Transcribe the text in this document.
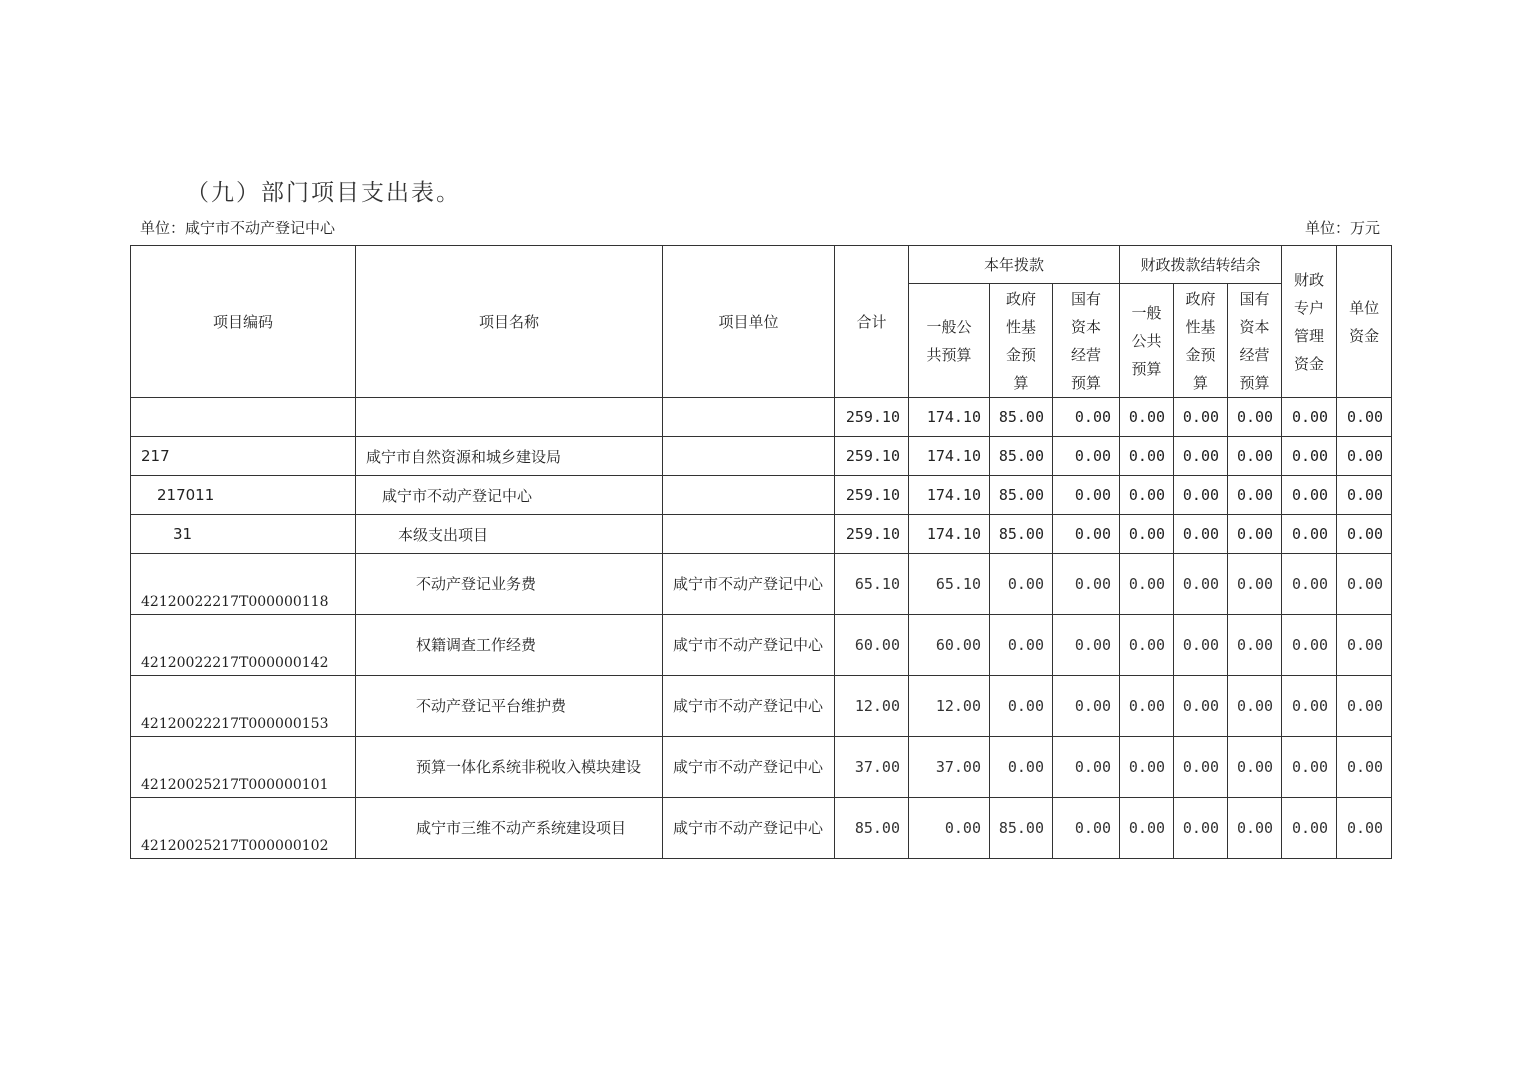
（九）部门项目支出表。
单位：咸宁市不动产登记中心	单位：万元
项目编码	项目名称	项目单位	合计	本年拨款			财政拨款结转结余			财政专户管理资金	单位资金
				一般公共预算	政府性基金预算	国有资本经营预算	一般公共预算	政府性基金预算	国有资本经营预算		
			259.10	174.10	85.00	0.00	0.00	0.00	0.00	0.00	0.00
217	咸宁市自然资源和城乡建设局		259.10	174.10	85.00	0.00	0.00	0.00	0.00	0.00	0.00
217011	咸宁市不动产登记中心		259.10	174.10	85.00	0.00	0.00	0.00	0.00	0.00	0.00
31	本级支出项目		259.10	174.10	85.00	0.00	0.00	0.00	0.00	0.00	0.00
42120022217T000000118	不动产登记业务费	咸宁市不动产登记中心	65.10	65.10	0.00	0.00	0.00	0.00	0.00	0.00	0.00
42120022217T000000142	权籍调查工作经费	咸宁市不动产登记中心	60.00	60.00	0.00	0.00	0.00	0.00	0.00	0.00	0.00
42120022217T000000153	不动产登记平台维护费	咸宁市不动产登记中心	12.00	12.00	0.00	0.00	0.00	0.00	0.00	0.00	0.00
42120025217T000000101	预算一体化系统非税收入模块建设	咸宁市不动产登记中心	37.00	37.00	0.00	0.00	0.00	0.00	0.00	0.00	0.00
42120025217T000000102	咸宁市三维不动产系统建设项目	咸宁市不动产登记中心	85.00	0.00	85.00	0.00	0.00	0.00	0.00	0.00	0.00
